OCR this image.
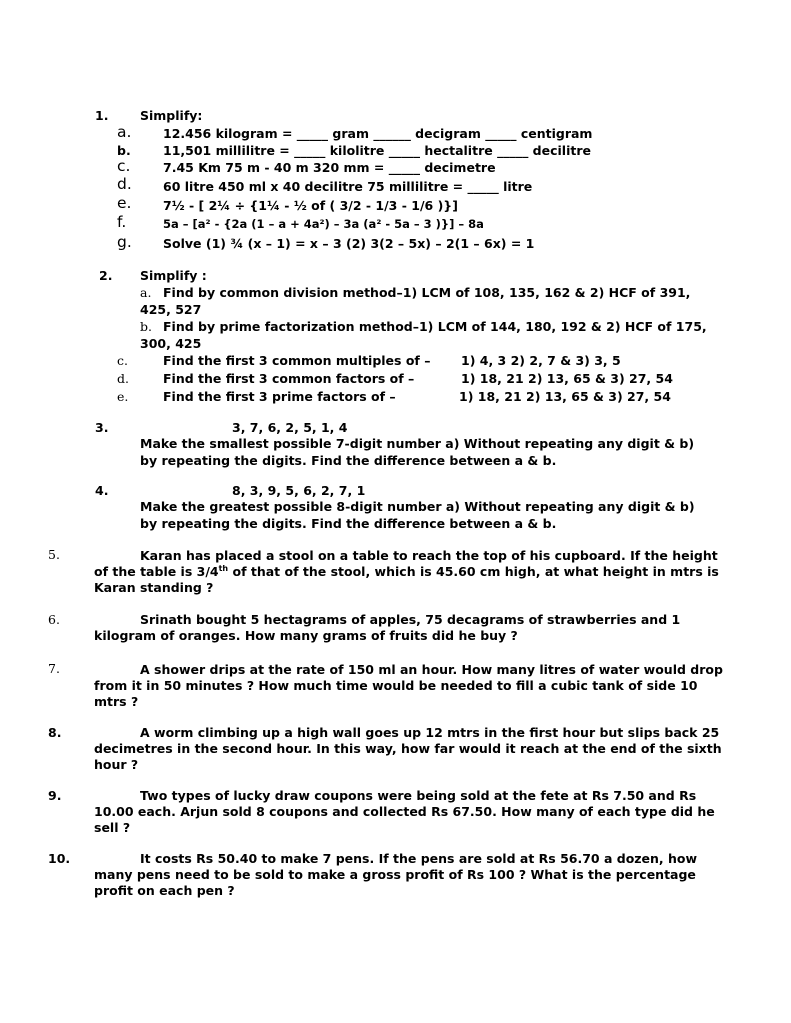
1.	Simplify:
a.	12.456 kilogram = _____ gram ______ decigram _____ centigram
b.	11,501 millilitre = _____ kilolitre _____ hectalitre _____ decilitre
c.	7.45 Km 75 m - 40 m 320 mm = _____ decimetre
d. 60 litre 450 ml x 40 decilitre 75 millilitre = _____ litre
e.	7½ - [ 2¼ ÷ {1¼ - ½ of ( 3/2 - 1/3 - 1/6 )}]
f.	5a – [a² - {2a (1 – a + 4a²) – 3a (a² - 5a – 3 )}] – 8a
g. Solve (1) ¾ (x – 1) = x – 3 (2) 3(2 – 5x) – 2(1 – 6x) = 1
2. Simplify :
a. Find by common division method–1) LCM of 108, 135, 162 & 2) HCF of 391,
425, 527
b. Find by prime factorization method–1) LCM of 144, 180, 192 & 2) HCF of 175,
300, 425
c.	Find the first 3 common multiples of – 1) 4, 3 2) 2, 7 & 3) 3, 5
d.	Find the first 3 common factors of –	1) 18, 21 2) 13, 65 & 3) 27, 54
e.	Find the first 3 prime factors of –	1) 18, 21 2) 13, 65 & 3) 27, 54
3.	3, 7, 6, 2, 5, 1, 4
Make the smallest possible 7-digit number a) Without repeating any digit & b)
by repeating the digits. Find the difference between a & b.
4.	8, 3, 9, 5, 6, 2, 7, 1
Make the greatest possible 8-digit number a) Without repeating any digit & b)
by repeating the digits. Find the difference between a & b.
5.	Karan has placed a stool on a table to reach the top of his cupboard. If the height
of the table is 3/4th of that of the stool, which is 45.60 cm high, at what height in mtrs is
Karan standing ?
6.	Srinath bought 5 hectagrams of apples, 75 decagrams of strawberries and 1
kilogram of oranges. How many grams of fruits did he buy ?
7.	A shower drips at the rate of 150 ml an hour. How many litres of water would drop
from it in 50 minutes ? How much time would be needed to fill a cubic tank of side 10
mtrs ?
8.	A worm climbing up a high wall goes up 12 mtrs in the first hour but slips back 25
decimetres in the second hour. In this way, how far would it reach at the end of the sixth
hour ?
9.	Two types of lucky draw coupons were being sold at the fete at Rs 7.50 and Rs
10.00 each. Arjun sold 8 coupons and collected Rs 67.50. How many of each type did he
sell ?
10.	It costs Rs 50.40 to make 7 pens. If the pens are sold at Rs 56.70 a dozen, how
many pens need to be sold to make a gross profit of Rs 100 ? What is the percentage
profit on each pen ?
